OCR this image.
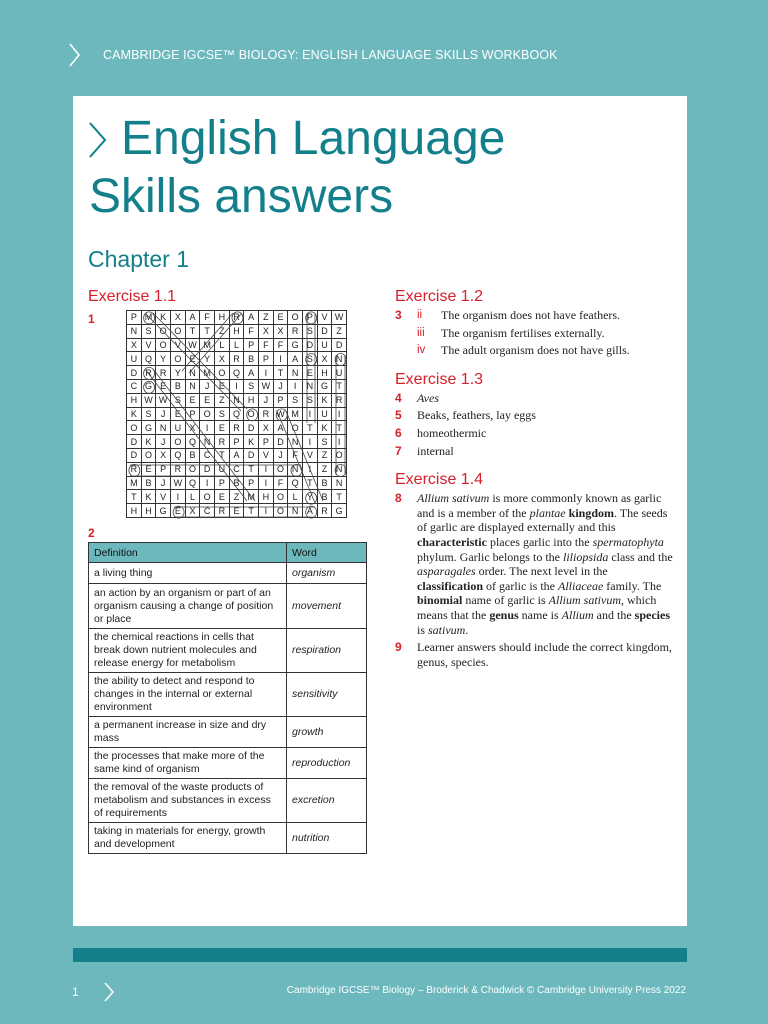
CAMBRIDGE IGCSE™ BIOLOGY: ENGLISH LANGUAGE SKILLS WORKBOOK
English Language
Skills answers
Chapter 1
Exercise 1.1
1	P M K X A F H R A Z E O P V W
N S O O T	T	Z H F X X R S D Z
X V O V W M L	L	P F	F G D U D
U Q Y O E Y X R B P	I	A S X N
D R R Y N M O Q A	I	T N E H U
C G E B N	J	E	I	S W J	I	N G T
H W W S E E Z N H	J	P S S K R
K S	J	E P O S Q O R W M	I	U	I
O G N U X	I	E R D X A O T K T
D K	J O Q N R P K P D N	I	S	I
D O X Q B C T A D V	J	F V Z O
R E P R O D U C T	I	O N	I	Z N
M B	J W Q	I	P B P	I	F Q T B N
T K V	I	L O E Z M H O L	Y B T
H H G E X C R E T	I	O N A R G
2
Definition	Word
a living thing	organism
an action by an organism or part of an organism causing a change of position or place	movement
the chemical reactions in cells that break down nutrient molecules and release energy for metabolism	respiration
the ability to detect and respond to changes in the internal or external environment	sensitivity
a permanent increase in size and dry mass	growth
the processes that make more of the same kind of organism	reproduction
the removal of the waste products of metabolism and substances in excess of requirements	excretion
taking in materials for energy, growth and development	nutrition
Exercise 1.2
3	ii	The organism does not have feathers.
iii	The organism fertilises externally.
iv	The adult organism does not have gills.
Exercise 1.3
4	Aves
5	Beaks, feathers, lay eggs
6	homeothermic
7	internal
Exercise 1.4
8	Allium sativum is more commonly known as garlic and is a member of the plantae kingdom. The seeds of garlic are displayed externally and this characteristic places garlic into the spermatophyta phylum. Garlic belongs to the liliopsida class and the asparagales order. The next level in the classification of garlic is the Alliaceae family. The binomial name of garlic is Allium sativum, which means that the genus name is Allium and the species is sativum.
9	Learner answers should include the correct kingdom, genus, species.
1	Cambridge IGCSE™ Biology – Broderick & Chadwick © Cambridge University Press 2022
